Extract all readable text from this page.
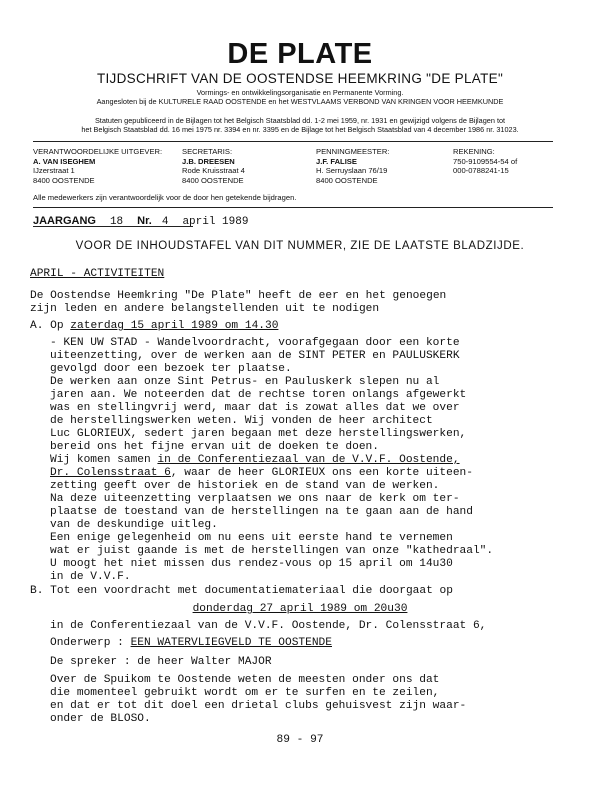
DE PLATE
TIJDSCHRIFT VAN DE OOSTENDSE HEEMKRING "DE PLATE"
Vormings- en ontwikkelingsorganisatie en Permanente Vorming.
Aangesloten bij de KULTURELE RAAD OOSTENDE en het WESTVLAAMS VERBOND VAN KRINGEN VOOR HEEMKUNDE
Statuten gepubliceerd in de Bijlagen tot het Belgisch Staatsblad dd. 1-2 mei 1959, nr. 1931 en gewijzigd volgens de Bijlagen tot
het Belgisch Staatsblad dd. 16 mei 1975 nr. 3394 en nr. 3395 en de Bijlage tot het Belgisch Staatsblad van 4 december 1986 nr. 31023.
VERANTWOORDELIJKE UITGEVER:
A. VAN ISEGHEM
IJzerstraat 1
8400 OOSTENDE
SECRETARIS:
J.B. DREESEN
Rode Kruisstraat 4
8400 OOSTENDE
PENNINGMEESTER:
J.F. FALISE
H. Serruyslaan 76/19
8400 OOSTENDE
REKENING:
750-9109554-54 of
000-0788241-15
Alle medewerkers zijn verantwoordelijk voor de door hen getekende bijdragen.
JAARGANG 18 Nr. 4 april 1989
VOOR DE INHOUDSTAFEL VAN DIT NUMMER, ZIE DE LAATSTE BLADZIJDE.
APRIL - ACTIVITEITEN
De Oostendse Heemkring "De Plate" heeft de eer en het genoegen
zijn leden en andere belangstellenden uit te nodigen
A. Op zaterdag 15 april 1989 om 14.30
- KEN UW STAD - Wandelvoordracht, voorafgegaan door een korte
uiteenzetting, over de werken aan de SINT PETER en PAULUSKERK
gevolgd door een bezoek ter plaatse.
De werken aan onze Sint Petrus- en Pauluskerk slepen nu al
jaren aan. We noteerden dat de rechtse toren onlangs afgewerkt
was en stellingvrij werd, maar dat is zowat alles dat we over
de herstellingswerken weten. Wij vonden de heer architect
Luc GLORIEUX, sedert jaren begaan met deze herstellingswerken,
bereid ons het fijne ervan uit de doeken te doen.
Wij komen samen in de Conferentiezaal van de V.V.F. Oostende,
Dr. Colensstraat 6, waar de heer GLORIEUX ons een korte uiteen-
zetting geeft over de historiek en de stand van de werken.
Na deze uiteenzetting verplaatsen we ons naar de kerk om ter-
plaatse de toestand van de herstellingen na te gaan aan de hand
van de deskundige uitleg.
Een enige gelegenheid om nu eens uit eerste hand te vernemen
wat er juist gaande is met de herstellingen van onze "kathedraal".
U moogt het niet missen dus rendez-vous op 15 april om 14u30
in de V.V.F.
B. Tot een voordracht met documentatiemateriaal die doorgaat op
donderdag 27 april 1989 om 20u30
in de Conferentiezaal van de V.V.F. Oostende, Dr. Colensstraat 6,
Onderwerp : EEN WATERVLIEGVELD TE OOSTENDE
De spreker : de heer Walter MAJOR
Over de Spuikom te Oostende weten de meesten onder ons dat
die momenteel gebruikt wordt om er te surfen en te zeilen,
en dat er tot dit doel een drietal clubs gehuisvest zijn waar-
onder de BLOSO.
89 - 97
